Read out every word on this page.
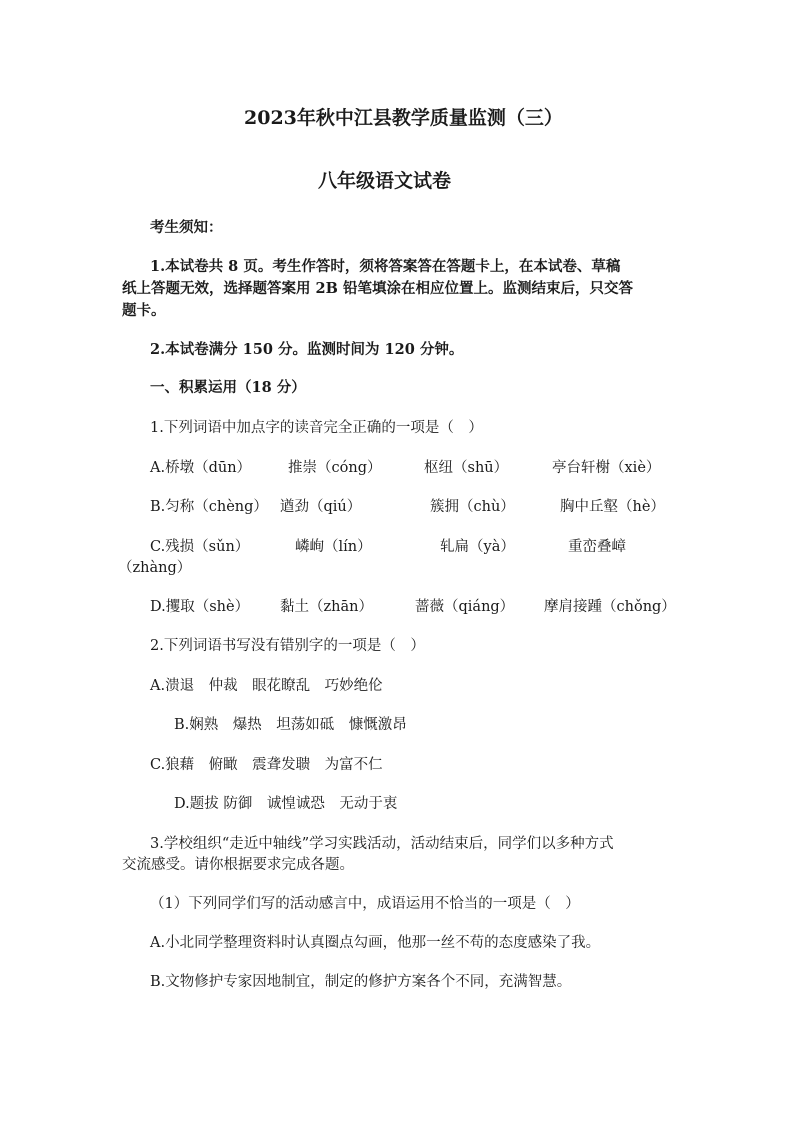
2023年秋中江县教学质量监测（三）
八年级语文试卷
考生须知：
1.本试卷共 8 页。考生作答时，须将答案答在答题卡上，在本试卷、草稿
纸上答题无效，选择题答案用 2B 铅笔填涂在相应位置上。监测结束后，只交答
题卡。
2.本试卷满分 150 分。监测时间为 120 分钟。
一、积累运用（18 分）
1.下列词语中加点字的读音完全正确的一项是（　）
A.桥墩（dūn）	推崇（cóng）	枢纽（shū）	亭台轩榭（xiè）
B.匀称（chèng） 遒劲（qiú）	簇拥（chù）	胸中丘壑（hè）
C.残损（sǔn）	嶙峋（lín）	轧扁（yà）	重峦叠嶂
（zhàng）
D.攫取（shè） 黏土（zhān）	蔷薇（qiáng） 摩肩接踵（chǒng）
2.下列词语书写没有错别字的一项是（　）
A.溃退　仲裁　眼花瞭乱　巧妙绝伦
B.娴熟　爆热　坦荡如砥　慷慨激昂
C.狼藉　俯瞰　震聋发聩　为富不仁
D.题拔 防御　诚惶诚恐　无动于衷
3.学校组织“走近中轴线”学习实践活动，活动结束后，同学们以多种方式
交流感受。请你根据要求完成各题。
（1）下列同学们写的活动感言中，成语运用不恰当的一项是（　）
A.小北同学整理资料时认真圈点勾画，他那一丝不苟的态度感染了我。
B.文物修护专家因地制宜，制定的修护方案各个不同，充满智慧。
